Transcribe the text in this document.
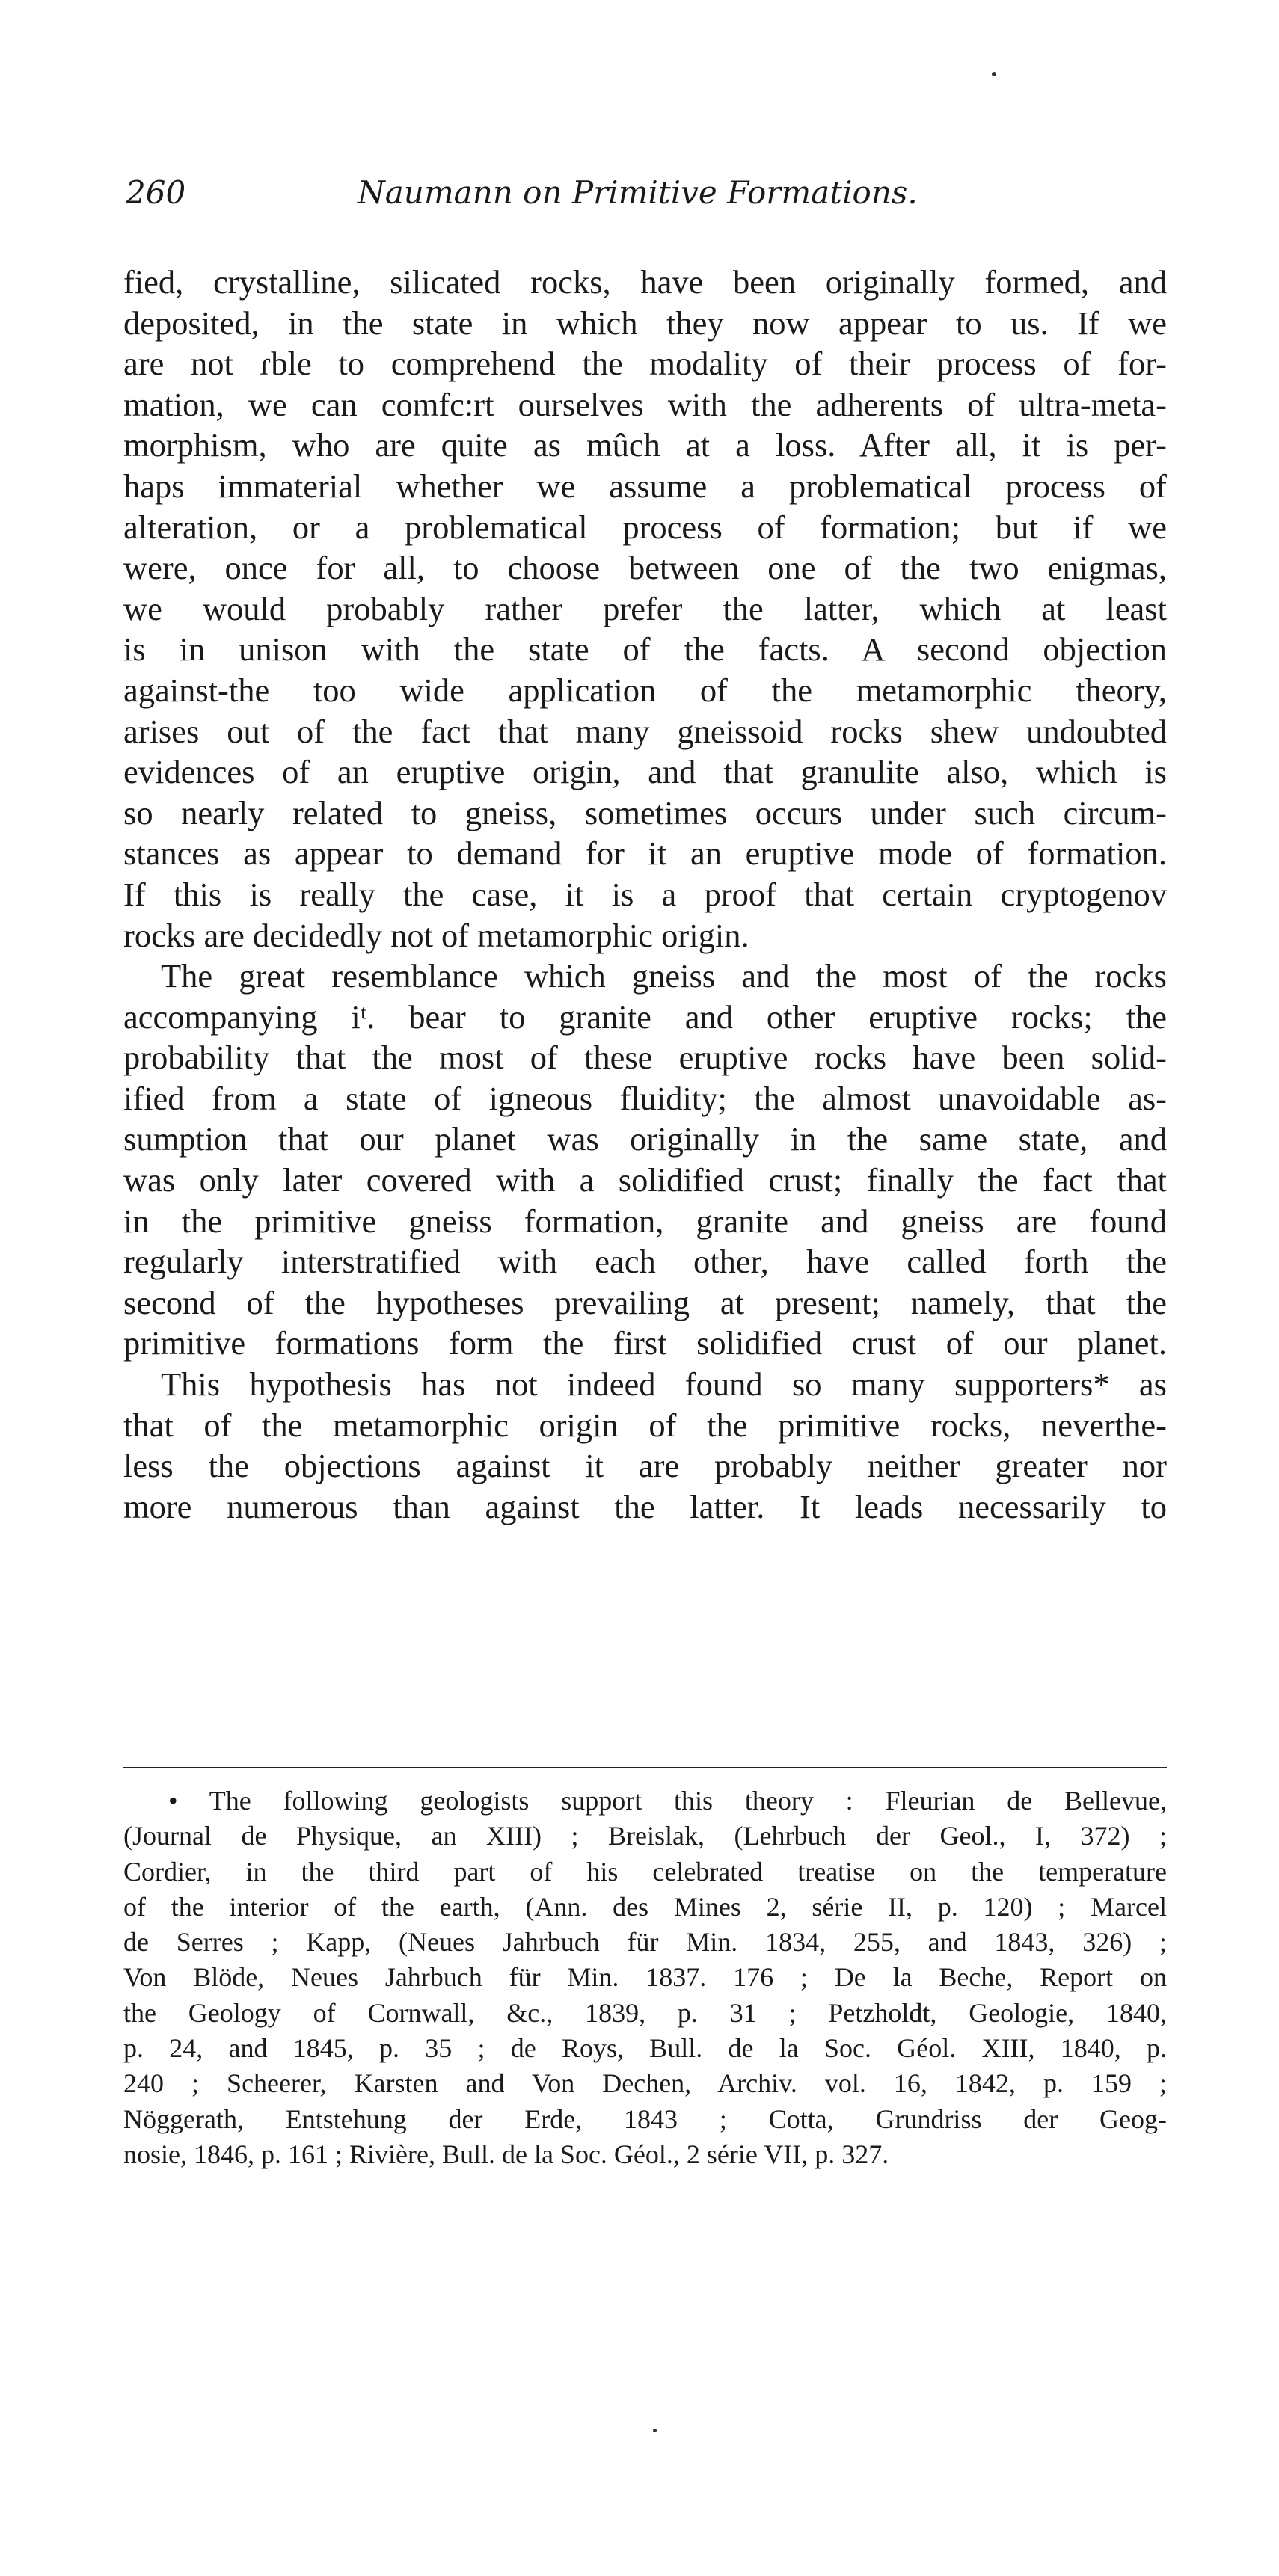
260	Naumann on Primitive Formations.
fied, crystalline, silicated rocks, have been originally formed, and
deposited, in the state in which they now appear to us. If we
are not ɾble to comprehend the modality of their process of for-
mation, we can comfc:rt ourselves with the adherents of ultra-meta-
morphism, who are quite as mûch at a loss. After all, it is per-
haps immaterial whether we assume a problematical process of
alteration, or a problematical process of formation; but if we
were, once for all, to choose between one of the two enigmas,
we would probably rather prefer the latter, which at least
is in unison with the state of the facts. A second objection
against‑the too wide application of the metamorphic theory,
arises out of the fact that many gneissoid rocks shew undoubted
evidences of an eruptive origin, and that granulite also, which is
so nearly related to gneiss, sometimes occurs under such circum-
stances as appear to demand for it an eruptive mode of formation.
If this is really the case, it is a proof that certain cryptogenov
rocks are decidedly not of metamorphic origin.
The great resemblance which gneiss and the most of the rocks
accompanying iᵗ. bear to granite and other eruptive rocks; the
probability that the most of these eruptive rocks have been solid-
ified from a state of igneous fluidity; the almost unavoidable as-
sumption that our planet was originally in the same state, and
was only later covered with a solidified crust; finally the fact that
in the primitive gneiss formation, granite and gneiss are found
regularly interstratified with each other, have called forth the
second of the hypotheses prevailing at present; namely, that the
primitive formations form the first solidified crust of our planet.
This hypothesis has not indeed found so many supporters* as
that of the metamorphic origin of the primitive rocks, neverthe-
less the objections against it are probably neither greater nor
more numerous than against the latter. It leads necessarily to
• The following geologists support this theory : Fleurian de Bellevue,
(Journal de Physique, an XIII) ; Breislak, (Lehrbuch der Geol., I, 372) ;
Cordier, in the third part of his celebrated treatise on the temperature
of the interior of the earth, (Ann. des Mines 2, série II, p. 120) ; Marcel
de Serres ; Kapp, (Neues Jahrbuch für Min. 1834, 255, and 1843, 326) ;
Von Blöde, Neues Jahrbuch für Min. 1837. 176 ; De la Beche, Report on
the Geology of Cornwall, &c., 1839, p. 31 ; Petzholdt, Geologie, 1840,
p. 24, and 1845, p. 35 ; de Roys, Bull. de la Soc. Géol. XIII, 1840, p.
240 ; Scheerer, Karsten and Von Dechen, Archiv. vol. 16, 1842, p. 159 ;
Nöggerath, Entstehung der Erde, 1843 ; Cotta, Grundriss der Geog-
nosie, 1846, p. 161 ; Rivière, Bull. de la Soc. Géol., 2 série VII, p. 327.
